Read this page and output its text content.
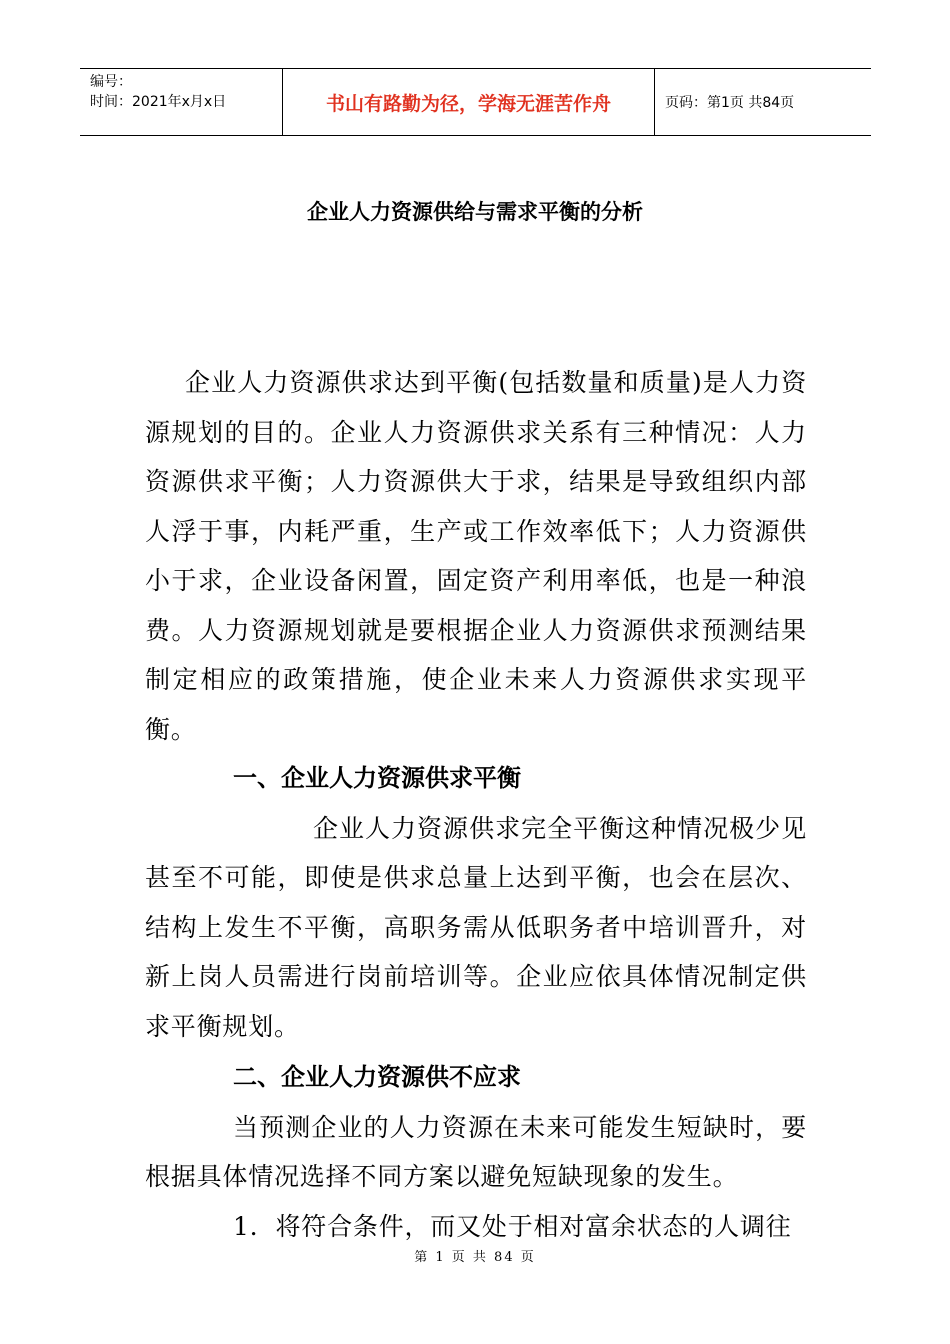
编号：
时间：2021年x月x日	书山有路勤为径，学海无涯苦作舟	页码：第1页 共84页
企业人力资源供给与需求平衡的分析

企业人力资源供求达到平衡(包括数量和质量)是人力资源规划的目的。企业人力资源供求关系有三种情况：人力资源供求平衡；人力资源供大于求，结果是导致组织内部人浮于事，内耗严重，生产或工作效率低下；人力资源供小于求，企业设备闲置，固定资产利用率低，也是一种浪费。人力资源规划就是要根据企业人力资源供求预测结果制定相应的政策措施，使企业未来人力资源供求实现平衡。

一、企业人力资源供求平衡

企业人力资源供求完全平衡这种情况极少见甚至不可能，即使是供求总量上达到平衡，也会在层次、结构上发生不平衡，高职务需从低职务者中培训晋升，对新上岗人员需进行岗前培训等。企业应依具体情况制定供求平衡规划。

二、企业人力资源供不应求

当预测企业的人力资源在未来可能发生短缺时，要根据具体情况选择不同方案以避免短缺现象的发生。

1．将符合条件，而又处于相对富余状态的人调往

第 1 页 共 84 页
